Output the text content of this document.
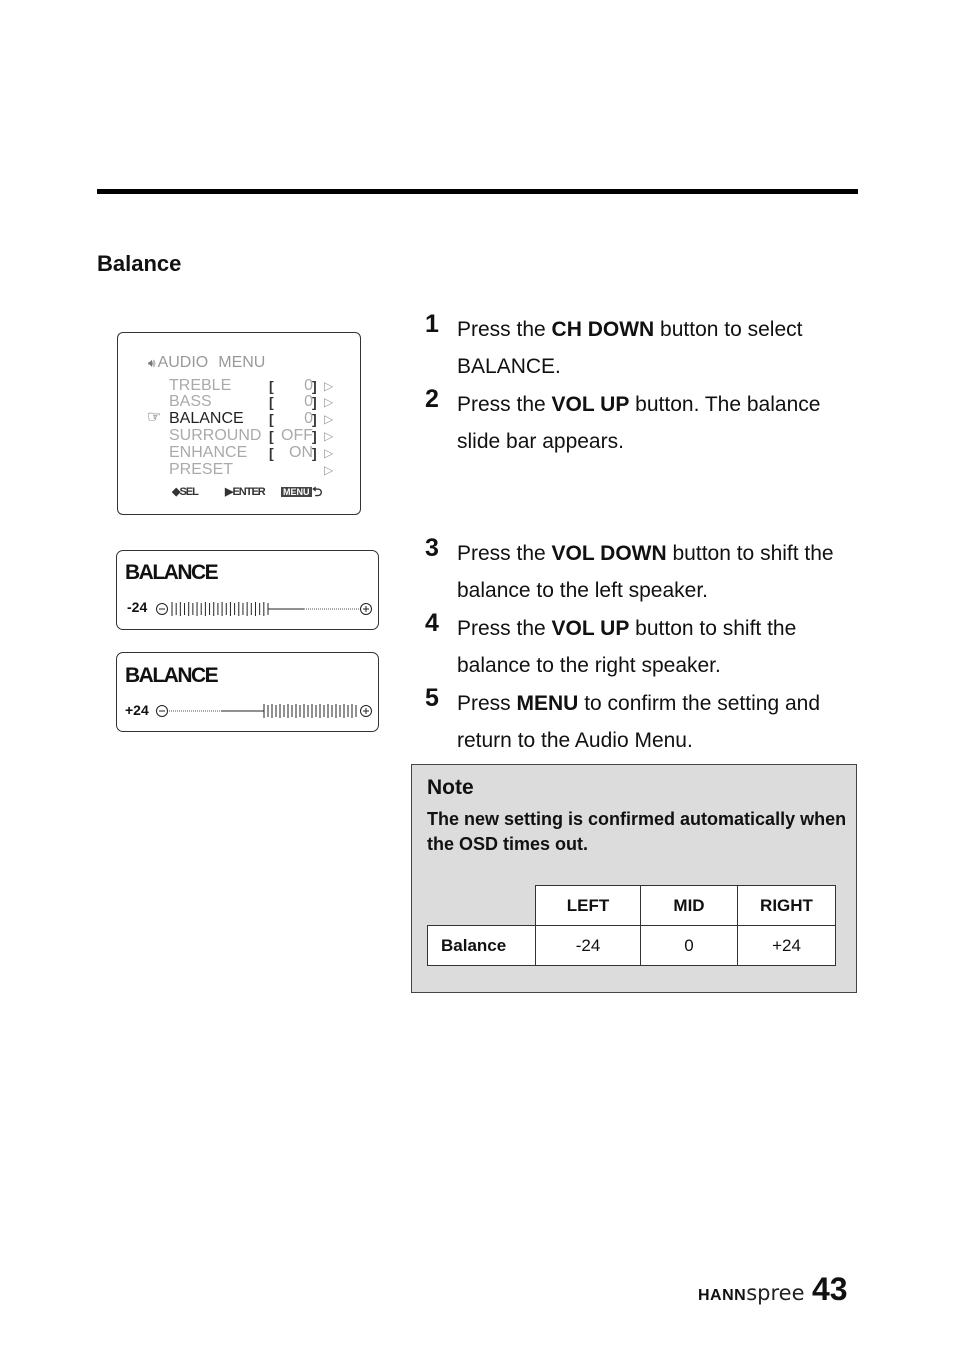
Balance
🔊︎ AUDIO MENU
TREBLE	[	0 ] ▷
BASS	[	0 ] ▷
☞ BALANCE [	0 ] ▷
SURROUND [ OFF ] ▷
ENHANCE [ ON ] ▷
PRESET	▷
◆SEL ▶ENTER MENU ⮌
BALANCE
-24
BALANCE
+24
1 Press the CH DOWN button to select BALANCE.
2 Press the VOL UP button. The balance slide bar appears.
3 Press the VOL DOWN button to shift the balance to the left speaker.
4 Press the VOL UP button to shift the balance to the right speaker.
5 Press MENU to confirm the setting and return to the Audio Menu.
Note
The new setting is confirmed automatically when the OSD times out.
	LEFT	MID	RIGHT
Balance	-24	0	+24
HANNspree 43
